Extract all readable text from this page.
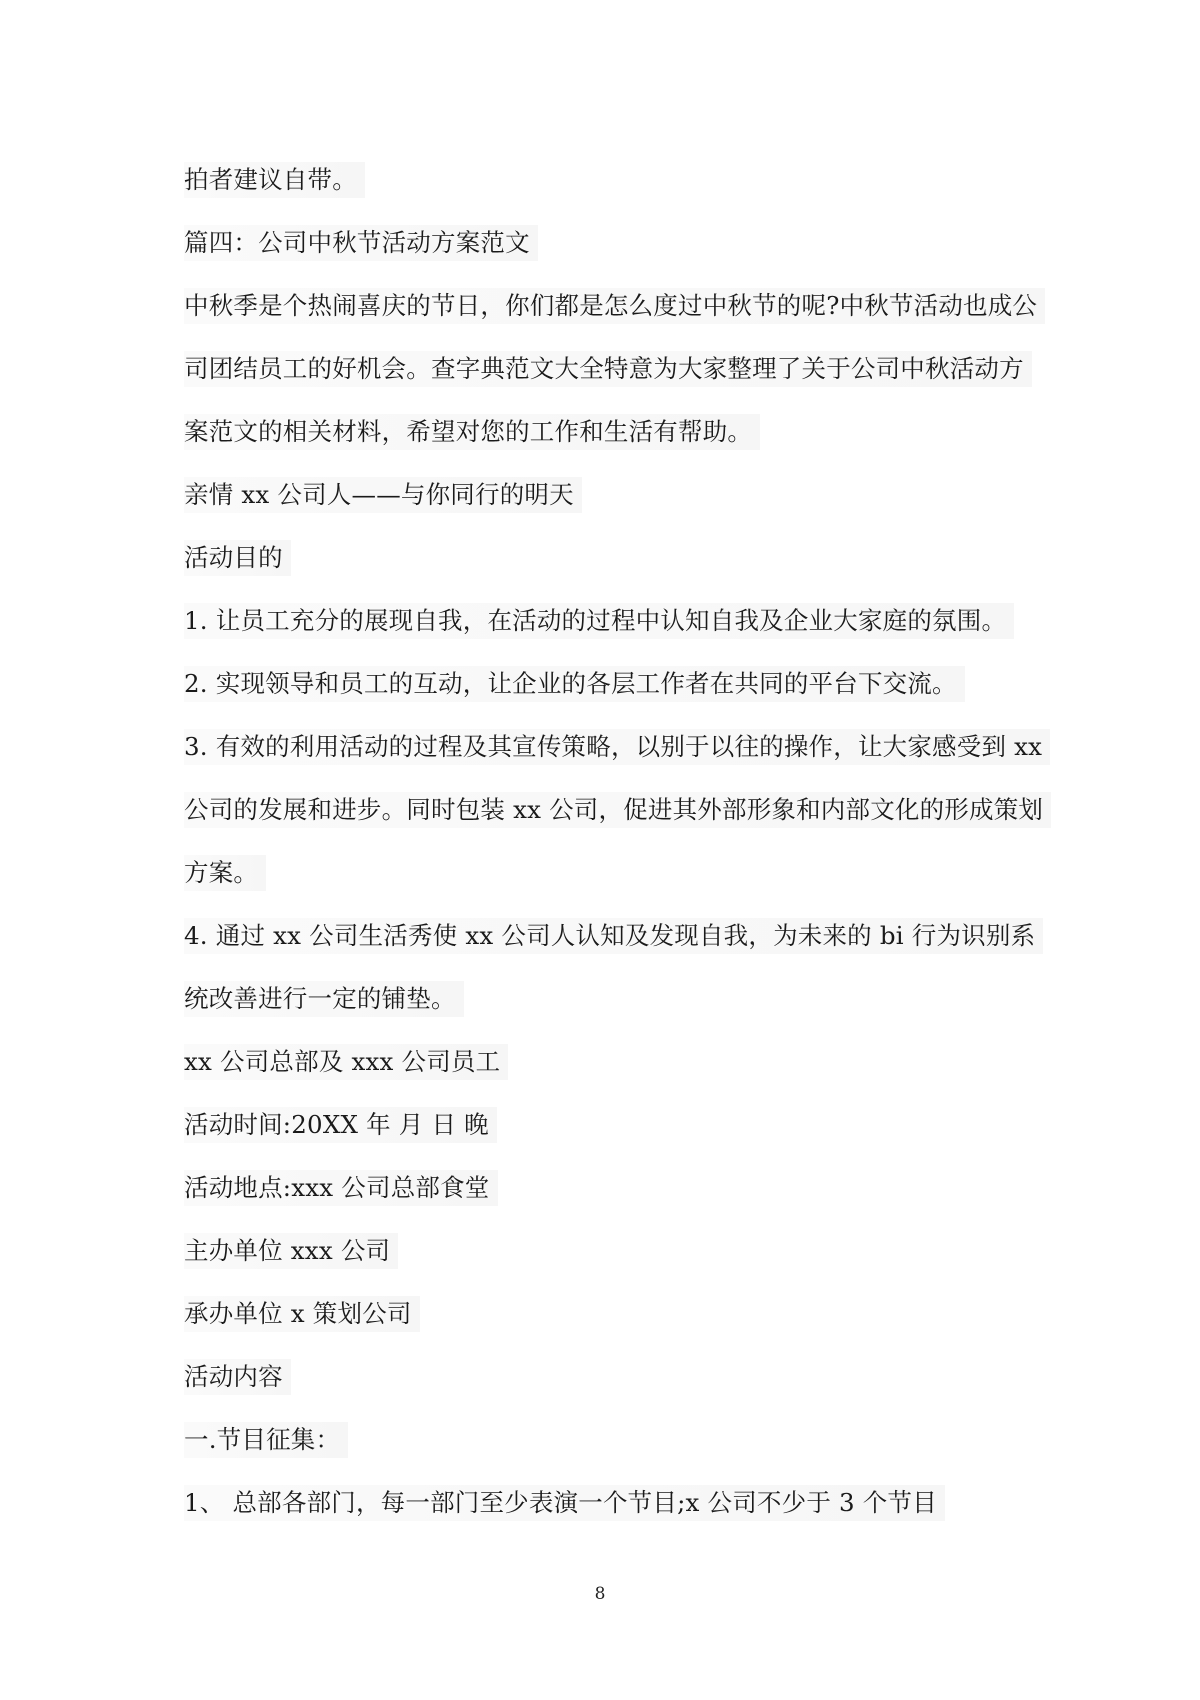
拍者建议自带。
篇四：公司中秋节活动方案范文
中秋季是个热闹喜庆的节日，你们都是怎么度过中秋节的呢?中秋节活动也成公
司团结员工的好机会。查字典范文大全特意为大家整理了关于公司中秋活动方
案范文的相关材料，希望对您的工作和生活有帮助。
亲情 xx 公司人——与你同行的明天
活动目的
1. 让员工充分的展现自我，在活动的过程中认知自我及企业大家庭的氛围。
2. 实现领导和员工的互动，让企业的各层工作者在共同的平台下交流。
3. 有效的利用活动的过程及其宣传策略，以别于以往的操作，让大家感受到 xx
公司的发展和进步。同时包装 xx 公司，促进其外部形象和内部文化的形成策划
方案。
4. 通过 xx 公司生活秀使 xx 公司人认知及发现自我，为未来的 bi 行为识别系
统改善进行一定的铺垫。
xx 公司总部及 xxx 公司员工
活动时间:20XX 年 月 日 晚
活动地点:xxx 公司总部食堂
主办单位 xxx 公司
承办单位 x 策划公司
活动内容
一.节目征集：
1、 总部各部门，每一部门至少表演一个节目;x 公司不少于 3 个节目
8
